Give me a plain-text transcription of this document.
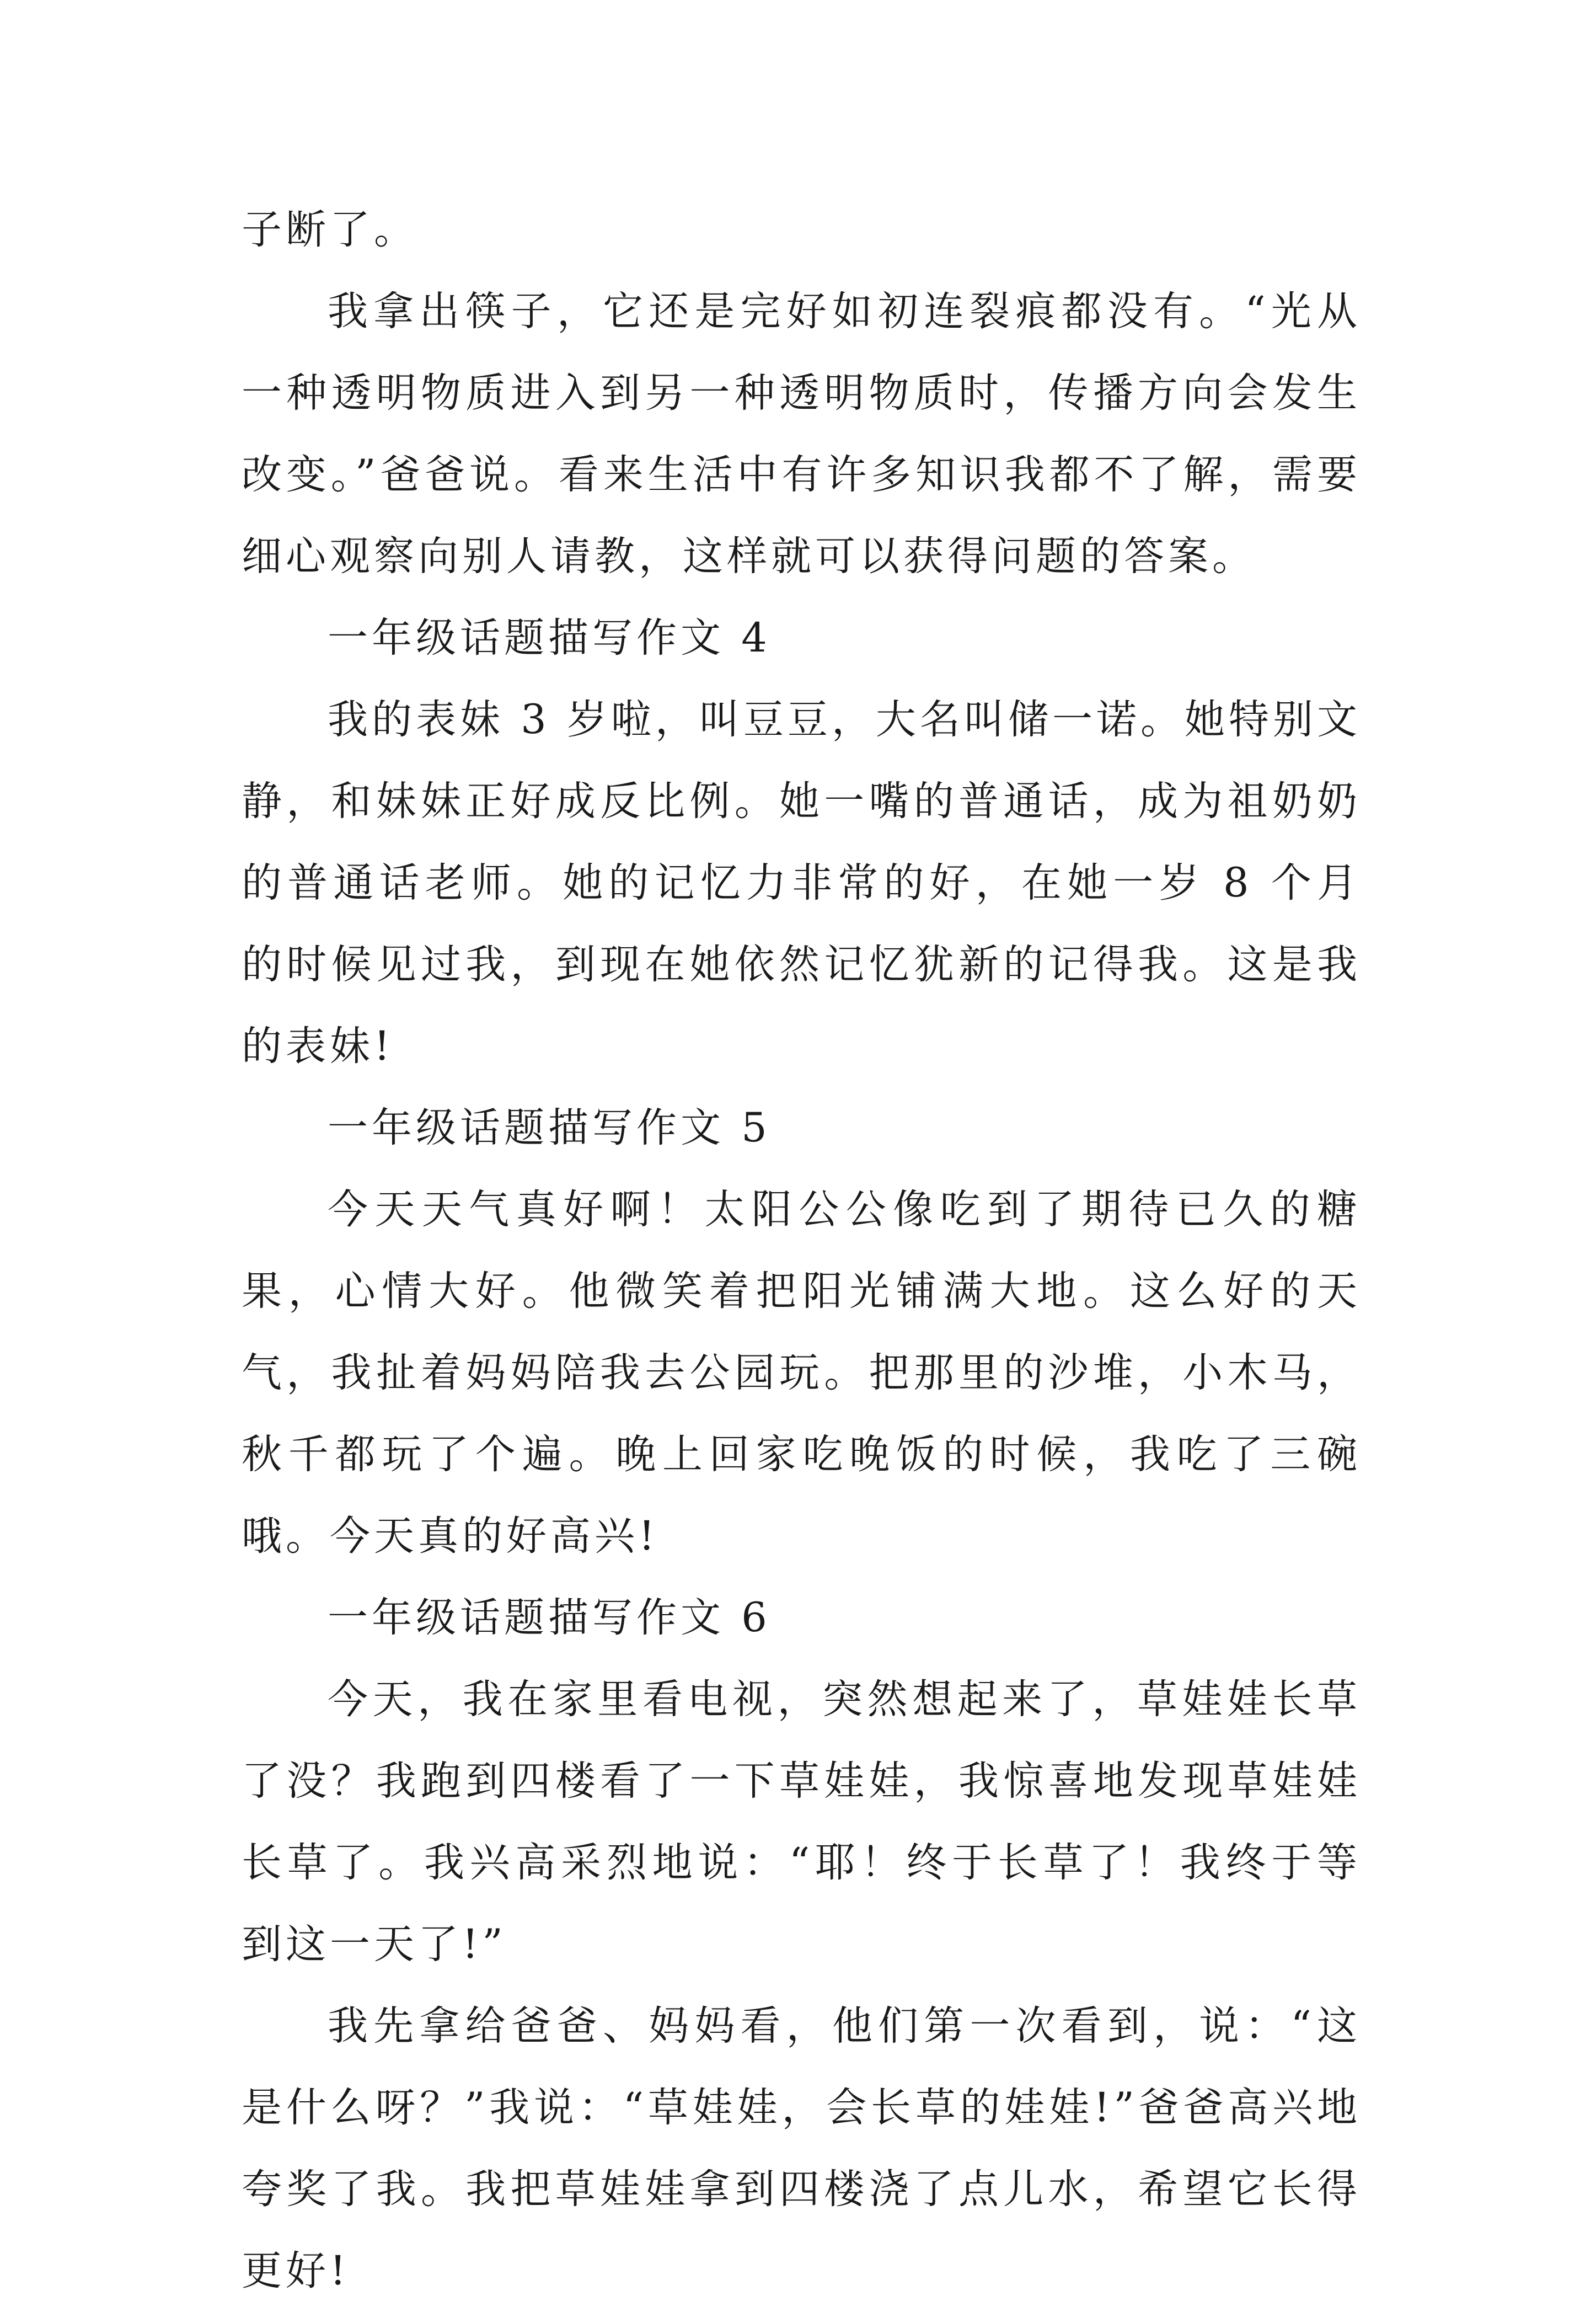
子断了。

我拿出筷子，它还是完好如初连裂痕都没有。“光从一种透明物质进入到另一种透明物质时，传播方向会发生改变。”爸爸说。看来生活中有许多知识我都不了解，需要细心观察向别人请教，这样就可以获得问题的答案。

一年级话题描写作文 4

我的表妹 3 岁啦，叫豆豆，大名叫储一诺。她特别文静，和妹妹正好成反比例。她一嘴的普通话，成为祖奶奶的普通话老师。她的记忆力非常的好，在她一岁 8 个月的时候见过我，到现在她依然记忆犹新的记得我。这是我的表妹!

一年级话题描写作文 5

今天天气真好啊！太阳公公像吃到了期待已久的糖果，心情大好。他微笑着把阳光铺满大地。这么好的天气，我扯着妈妈陪我去公园玩。把那里的沙堆，小木马，秋千都玩了个遍。晚上回家吃晚饭的时候，我吃了三碗哦。今天真的好高兴!

一年级话题描写作文 6

今天，我在家里看电视，突然想起来了，草娃娃长草了没？我跑到四楼看了一下草娃娃，我惊喜地发现草娃娃长草了。我兴高采烈地说：“耶！终于长草了！我终于等到这一天了!”

我先拿给爸爸、妈妈看，他们第一次看到，说：“这是什么呀？”我说：“草娃娃，会长草的娃娃!”爸爸高兴地夸奖了我。我把草娃娃拿到四楼浇了点儿水，希望它长得更好!
